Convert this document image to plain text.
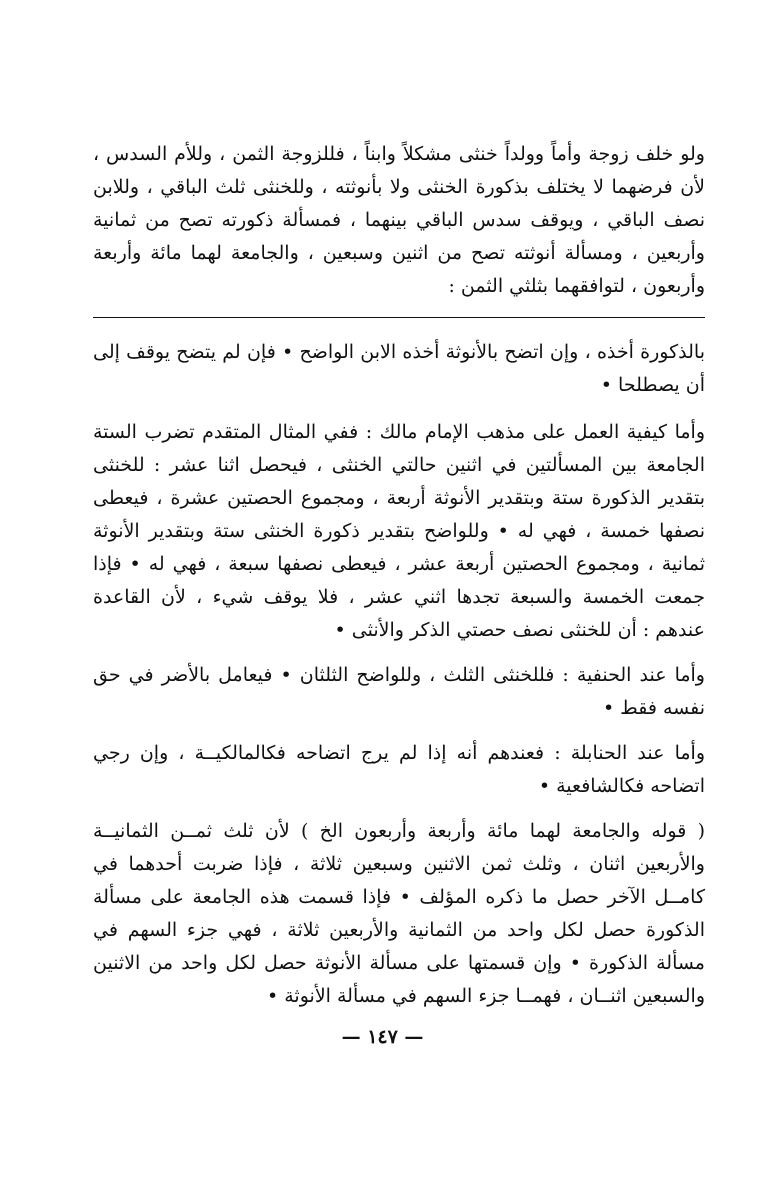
ولو خلف زوجة وأماً وولداً خنثى مشكلاً وابناً ، فللزوجة الثمن ، وللأم السدس ، لأن فرضهما لا يختلف بذكورة الخنثى ولا بأنوثته ، وللخنثى ثلث الباقي ، وللابن نصف الباقي ، ويوقف سدس الباقي بينهما ، فمسألة ذكورته تصح من ثمانية وأربعين ، ومسألة أنوثته تصح من اثنين وسبعين ، والجامعة لهما مائة وأربعة وأربعون ، لتوافقهما بثلثي الثمن :

بالذكورة أخذه ، وإن اتضح بالأنوثة أخذه الابن الواضح • فإن لم يتضح يوقف إلى أن يصطلحا •

وأما كيفية العمل على مذهب الإمام مالك : ففي المثال المتقدم تضرب الستة الجامعة بين المسألتين في اثنين حالتي الخنثى ، فيحصل اثنا عشر : للخنثى بتقدير الذكورة ستة وبتقدير الأنوثة أربعة ، ومجموع الحصتين عشرة ، فيعطى نصفها خمسة ، فهي له • وللواضح بتقدير ذكورة الخنثى ستة وبتقدير الأنوثة ثمانية ، ومجموع الحصتين أربعة عشر ، فيعطى نصفها سبعة ، فهي له • فإذا جمعت الخمسة والسبعة تجدها اثني عشر ، فلا يوقف شيء ، لأن القاعدة عندهم : أن للخنثى نصف حصتي الذكر والأنثى •

وأما عند الحنفية : فللخنثى الثلث ، وللواضح الثلثان • فيعامل بالأضر في حق نفسه فقط •

وأما عند الحنابلة : فعندهم أنه إذا لم يرج اتضاحه فكالمالكيــة ، وإن رجي اتضاحه فكالشافعية •

( قوله والجامعة لهما مائة وأربعة وأربعون الخ ) لأن ثلث ثمــن الثمانيــة والأربعين اثنان ، وثلث ثمن الاثنين وسبعين ثلاثة ، فإذا ضربت أحدهما في كامــل الآخر حصل ما ذكره المؤلف • فإذا قسمت هذه الجامعة على مسألة الذكورة حصل لكل واحد من الثمانية والأربعين ثلاثة ، فهي جزء السهم في مسألة الذكورة • وإن قسمتها على مسألة الأنوثة حصل لكل واحد من الاثنين والسبعين اثنــان ، فهمــا جزء السهم في مسألة الأنوثة •

— ١٤٧ —
